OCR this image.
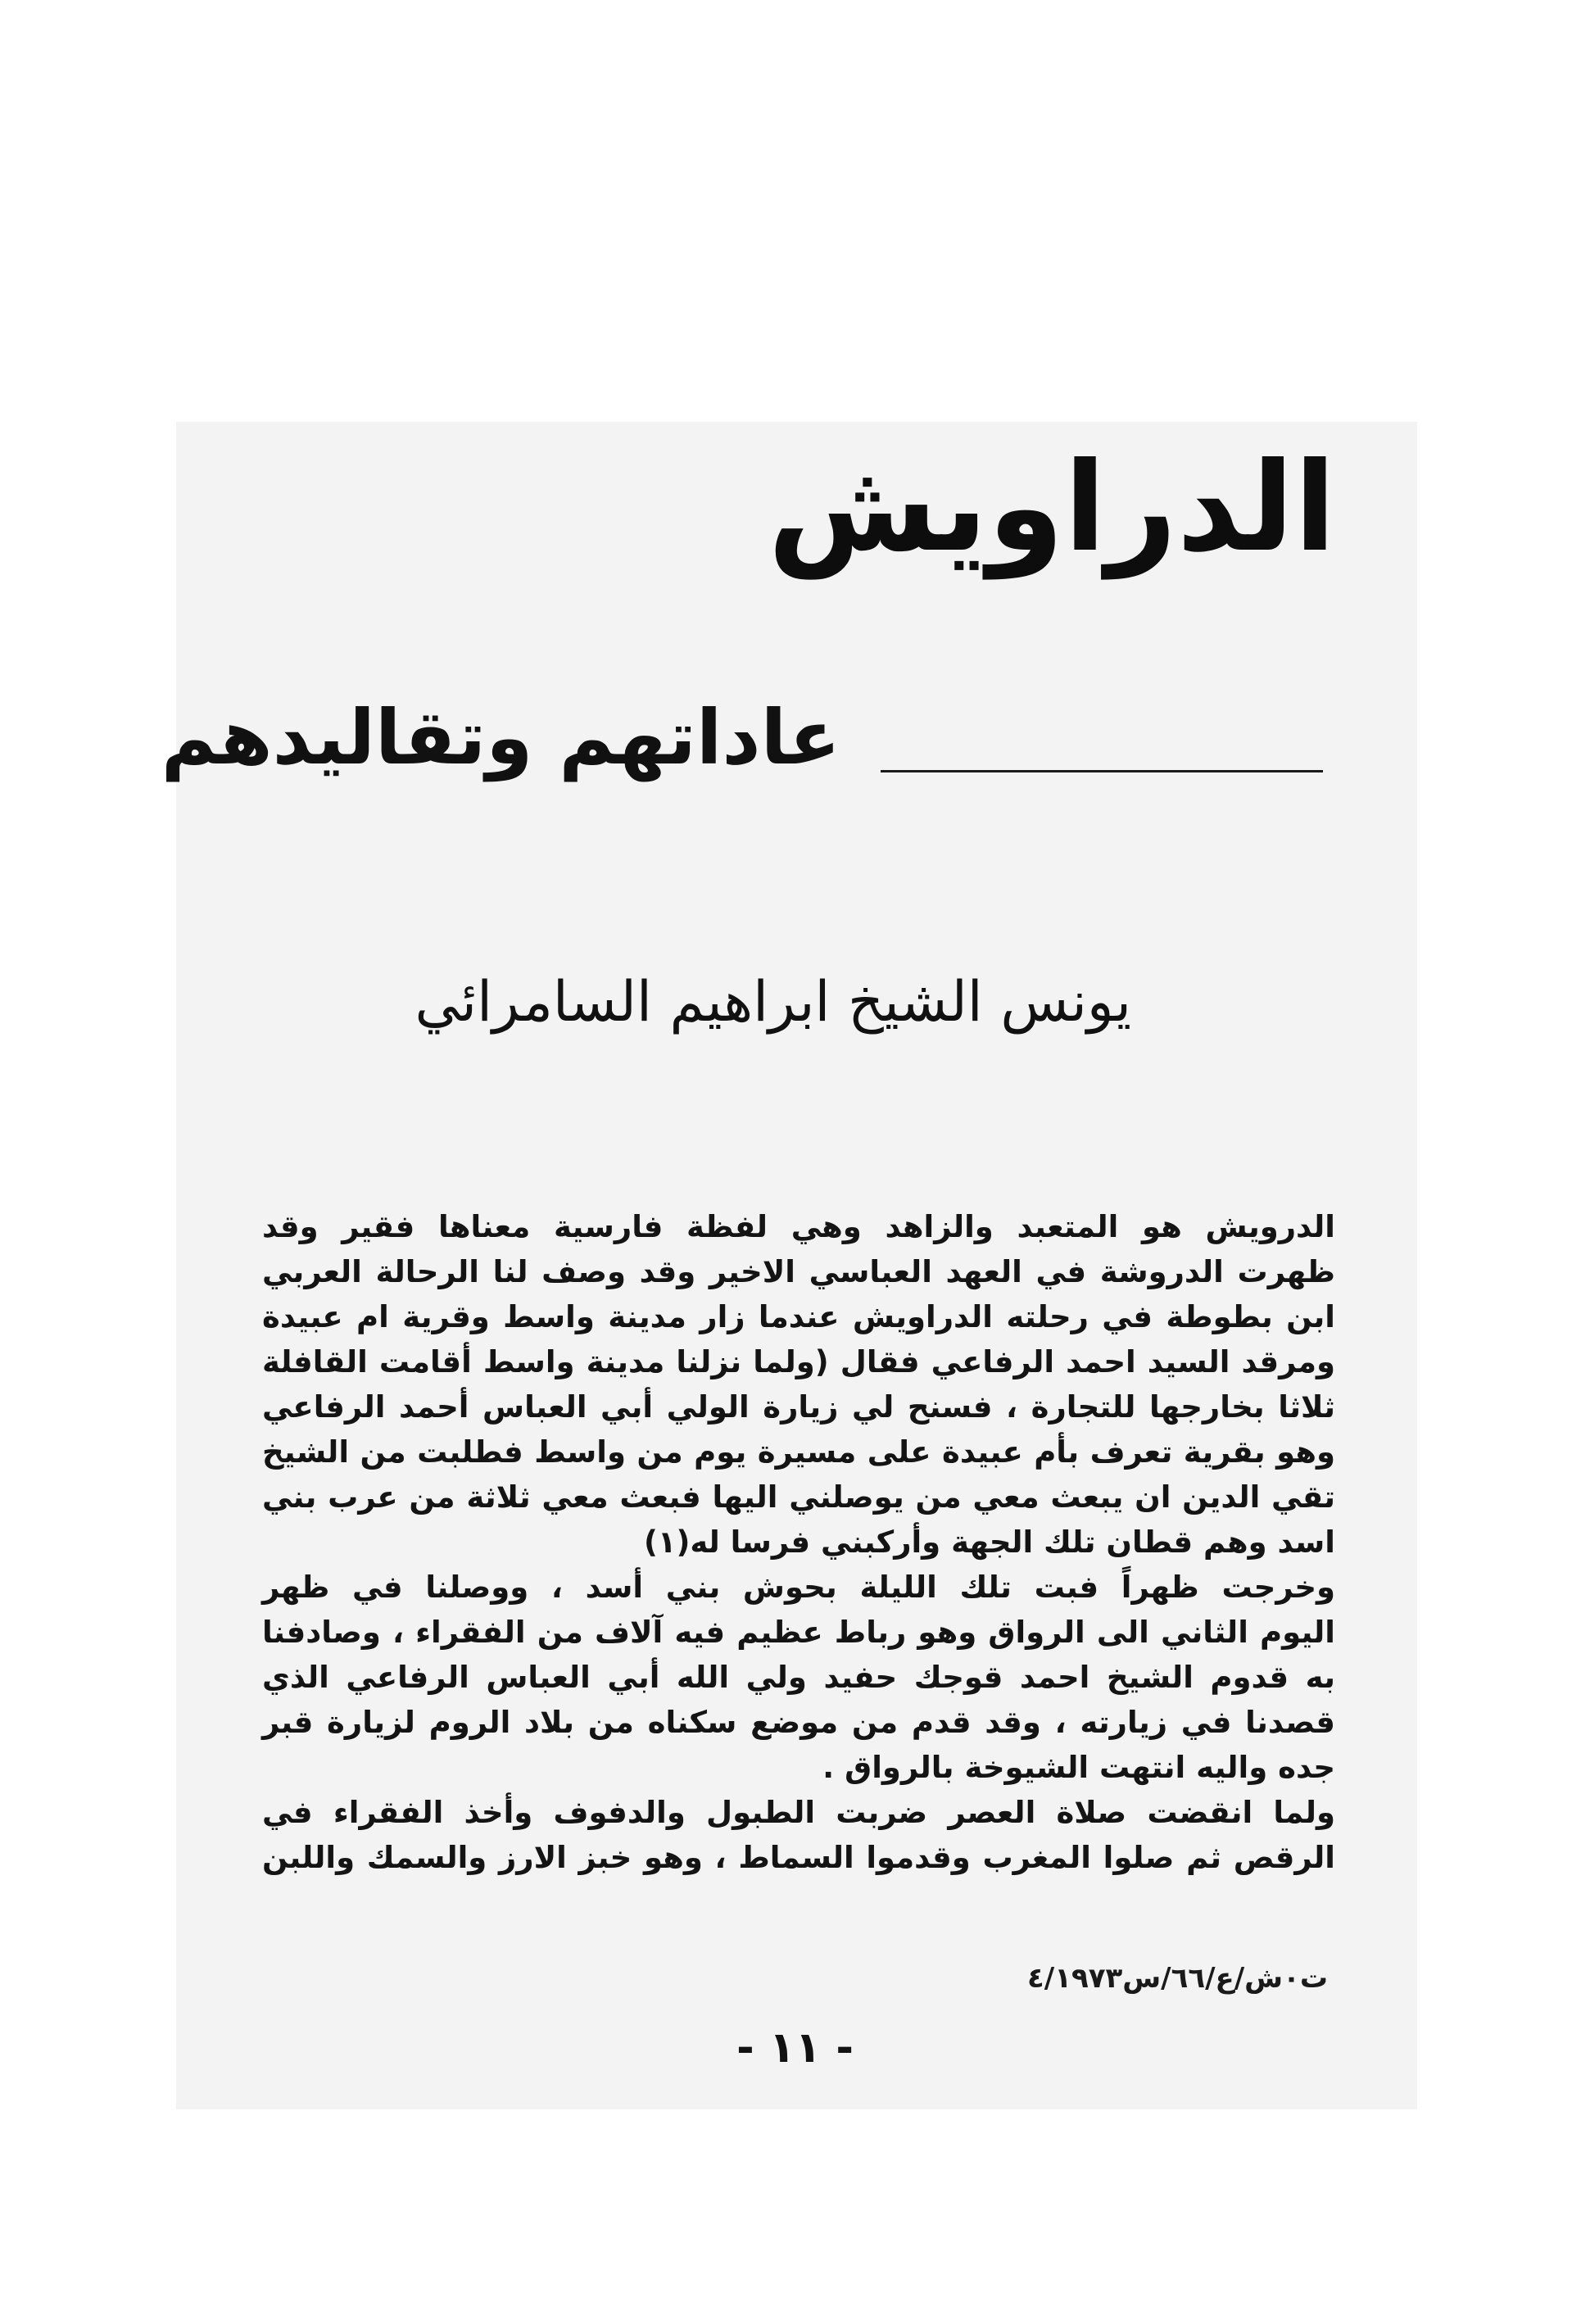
الدراويش
عاداتهم وتقاليدهم
يونس الشيخ ابراهيم السامرائي

الدرويش هو المتعبد والزاهد وهي لفظة فارسية معناها فقير وقد
ظهرت الدروشة في العهد العباسي الاخير وقد وصف لنا الرحالة العربي
ابن بطوطة في رحلته الدراويش عندما زار مدينة واسط وقرية ام عبيدة
ومرقد السيد احمد الرفاعي فقال (ولما نزلنا مدينة واسط أقامت القافلة
ثلاثا بخارجها للتجارة ، فسنح لي زيارة الولي أبي العباس أحمد الرفاعي
وهو بقرية تعرف بأم عبيدة على مسيرة يوم من واسط فطلبت من الشيخ
تقي الدين ان يبعث معي من يوصلني اليها فبعث معي ثلاثة من عرب بني
اسد وهم قطان تلك الجهة وأركبني فرسا له(١)

وخرجت ظهراً فبت تلك الليلة بحوش بني أسد ، ووصلنا في ظهر
اليوم الثاني الى الرواق وهو رباط عظيم فيه آلاف من الفقراء ، وصادفنا
به قدوم الشيخ احمد قوجك حفيد ولي الله أبي العباس الرفاعي الذي
قصدنا في زيارته ، وقد قدم من موضع سكناه من بلاد الروم لزيارة قبر
جده واليه انتهت الشيوخة بالرواق .

ولما انقضت صلاة العصر ضربت الطبول والدفوف وأخذ الفقراء في
الرقص ثم صلوا المغرب وقدموا السماط ، وهو خبز الارز والسمك واللبن

ت٠ش/ع/٦٦/س٤/١٩٧٣
- ١١ -
